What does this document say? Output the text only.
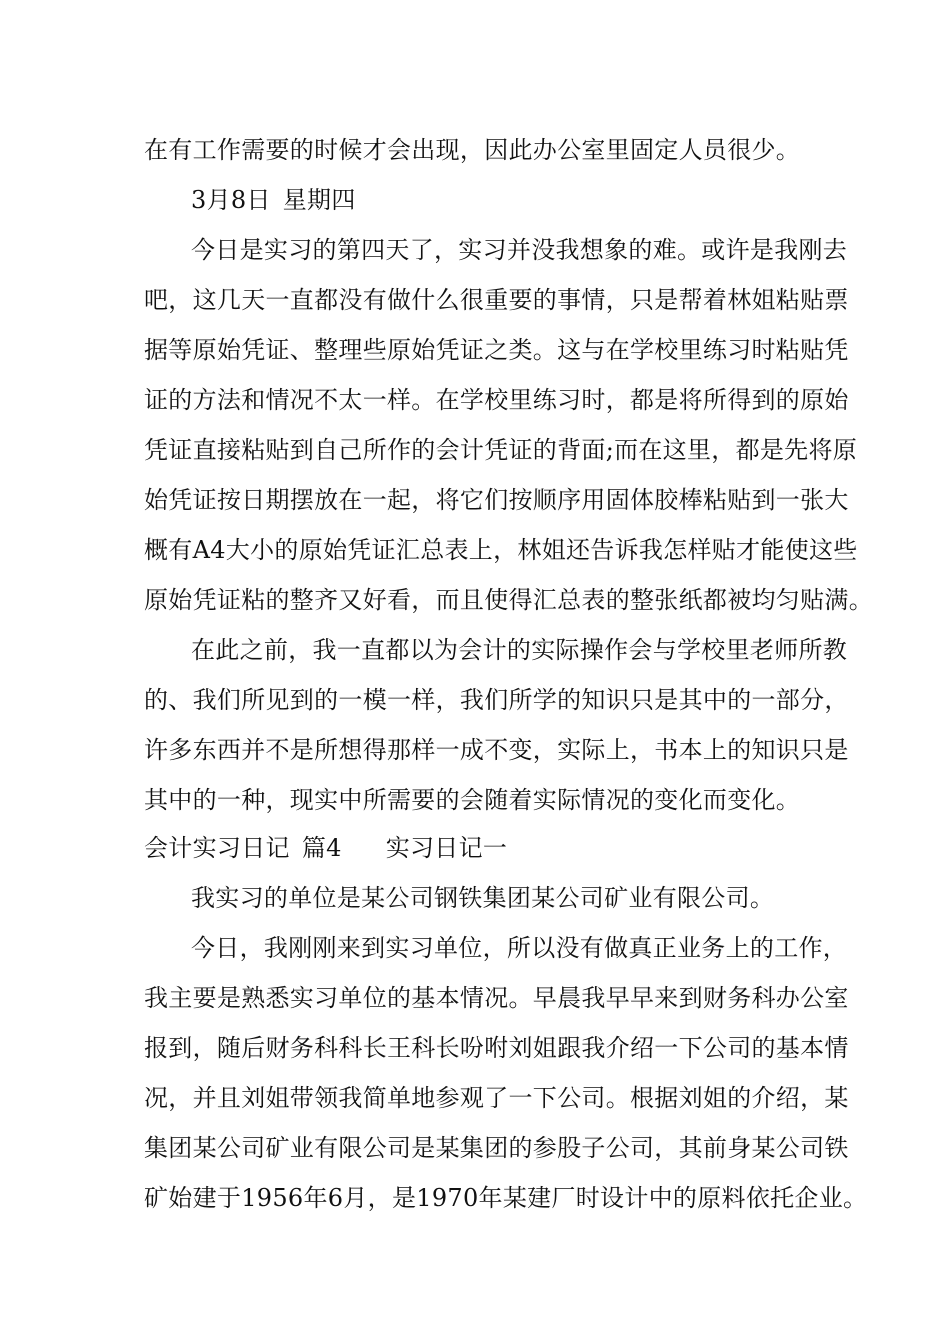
在有工作需要的时候才会出现，因此办公室里固定人员很少。
3月8日 星期四
今日是实习的第四天了，实习并没我想象的难。或许是我刚去
吧，这几天一直都没有做什么很重要的事情，只是帮着林姐粘贴票
据等原始凭证、整理些原始凭证之类。这与在学校里练习时粘贴凭
证的方法和情况不太一样。在学校里练习时，都是将所得到的原始
凭证直接粘贴到自己所作的会计凭证的背面;而在这里，都是先将原
始凭证按日期摆放在一起，将它们按顺序用固体胶棒粘贴到一张大
概有A4大小的原始凭证汇总表上，林姐还告诉我怎样贴才能使这些
原始凭证粘的整齐又好看，而且使得汇总表的整张纸都被均匀贴满。
在此之前，我一直都以为会计的实际操作会与学校里老师所教
的、我们所见到的一模一样，我们所学的知识只是其中的一部分，
许多东西并不是所想得那样一成不变，实际上，书本上的知识只是
其中的一种，现实中所需要的会随着实际情况的变化而变化。
会计实习日记 篇4 实习日记一
我实习的单位是某公司钢铁集团某公司矿业有限公司。
今日，我刚刚来到实习单位，所以没有做真正业务上的工作，
我主要是熟悉实习单位的基本情况。早晨我早早来到财务科办公室
报到，随后财务科科长王科长吩咐刘姐跟我介绍一下公司的基本情
况，并且刘姐带领我简单地参观了一下公司。根据刘姐的介绍，某
集团某公司矿业有限公司是某集团的参股子公司，其前身某公司铁
矿始建于1956年6月，是1970年某建厂时设计中的原料依托企业。
